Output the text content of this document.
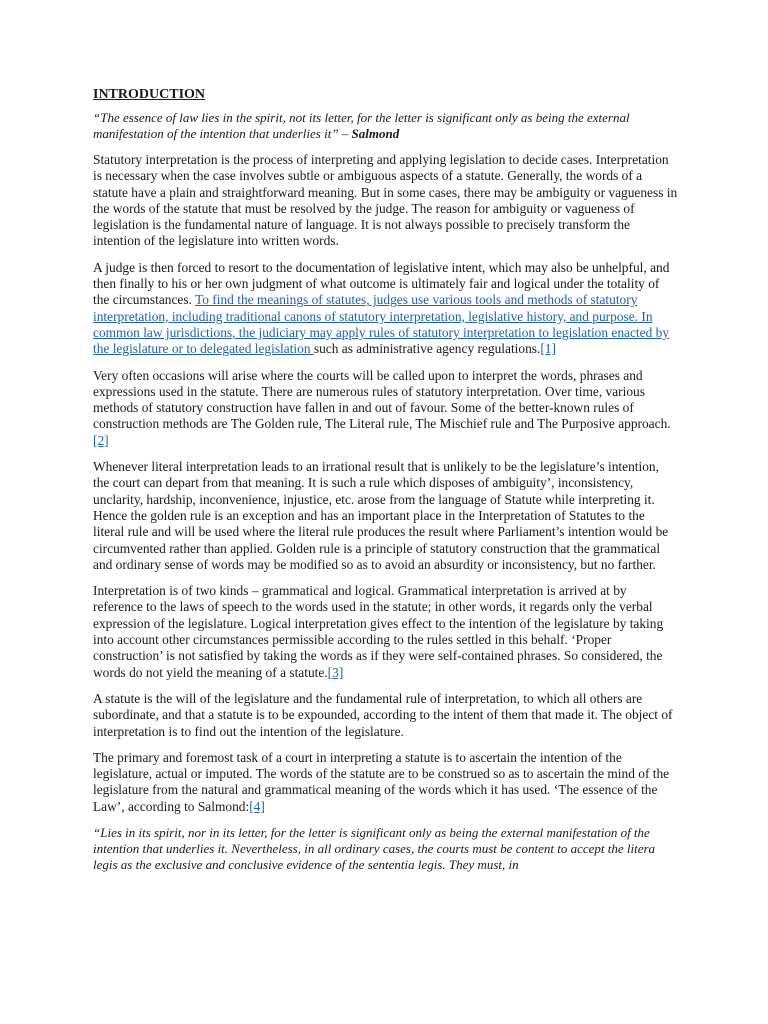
INTRODUCTION

“The essence of law lies in the spirit, not its letter, for the letter is significant only as being the external manifestation of the intention that underlies it” – Salmond

Statutory interpretation is the process of interpreting and applying legislation to decide cases. Interpretation is necessary when the case involves subtle or ambiguous aspects of a statute. Generally, the words of a statute have a plain and straightforward meaning. But in some cases, there may be ambiguity or vagueness in the words of the statute that must be resolved by the judge. The reason for ambiguity or vagueness of legislation is the fundamental nature of language. It is not always possible to precisely transform the intention of the legislature into written words.

A judge is then forced to resort to the documentation of legislative intent, which may also be unhelpful, and then finally to his or her own judgment of what outcome is ultimately fair and logical under the totality of the circumstances. To find the meanings of statutes, judges use various tools and methods of statutory interpretation, including traditional canons of statutory interpretation, legislative history, and purpose. In common law jurisdictions, the judiciary may apply rules of statutory interpretation to legislation enacted by the legislature or to delegated legislation such as administrative agency regulations.[1]

Very often occasions will arise where the courts will be called upon to interpret the words, phrases and expressions used in the statute. There are numerous rules of statutory interpretation. Over time, various methods of statutory construction have fallen in and out of favour. Some of the better-known rules of construction methods are The Golden rule, The Literal rule, The Mischief rule and The Purposive approach.[2]

Whenever literal interpretation leads to an irrational result that is unlikely to be the legislature’s intention, the court can depart from that meaning. It is such a rule which disposes of ambiguity’, inconsistency, unclarity, hardship, inconvenience, injustice, etc. arose from the language of Statute while interpreting it. Hence the golden rule is an exception and has an important place in the Interpretation of Statutes to the literal rule and will be used where the literal rule produces the result where Parliament’s intention would be circumvented rather than applied. Golden rule is a principle of statutory construction that the grammatical and ordinary sense of words may be modified so as to avoid an absurdity or inconsistency, but no farther.

Interpretation is of two kinds – grammatical and logical. Grammatical interpretation is arrived at by reference to the laws of speech to the words used in the statute; in other words, it regards only the verbal expression of the legislature. Logical interpretation gives effect to the intention of the legislature by taking into account other circumstances permissible according to the rules settled in this behalf. ‘Proper construction’ is not satisfied by taking the words as if they were self-contained phrases. So considered, the words do not yield the meaning of a statute.[3]

A statute is the will of the legislature and the fundamental rule of interpretation, to which all others are subordinate, and that a statute is to be expounded, according to the intent of them that made it. The object of interpretation is to find out the intention of the legislature.

The primary and foremost task of a court in interpreting a statute is to ascertain the intention of the legislature, actual or imputed. The words of the statute are to be construed so as to ascertain the mind of the legislature from the natural and grammatical meaning of the words which it has used. ‘The essence of the Law’, according to Salmond:[4]

“Lies in its spirit, nor in its letter, for the letter is significant only as being the external manifestation of the intention that underlies it. Nevertheless, in all ordinary cases, the courts must be content to accept the litera legis as the exclusive and conclusive evidence of the sententia legis. They must, in
